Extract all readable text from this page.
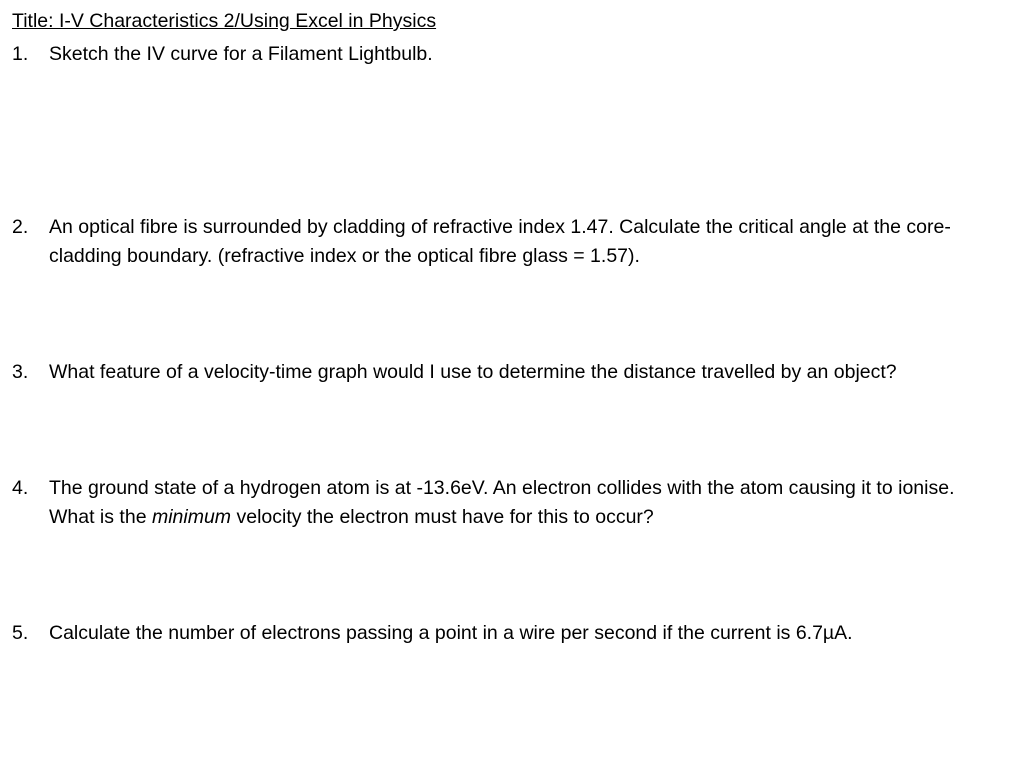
Title: I-V Characteristics 2/Using Excel in Physics
1.	Sketch the IV curve for a Filament Lightbulb.
2.	An optical fibre is surrounded by cladding of refractive index 1.47. Calculate the critical angle at the core-cladding boundary. (refractive index or the optical fibre glass = 1.57).
3.	What feature of a velocity-time graph would I use to determine the distance travelled by an object?
4.	The ground state of a hydrogen atom is at -13.6eV. An electron collides with the atom causing it to ionise. What is the minimum velocity the electron must have for this to occur?
5.	Calculate the number of electrons passing a point in a wire per second if the current is 6.7µA.
